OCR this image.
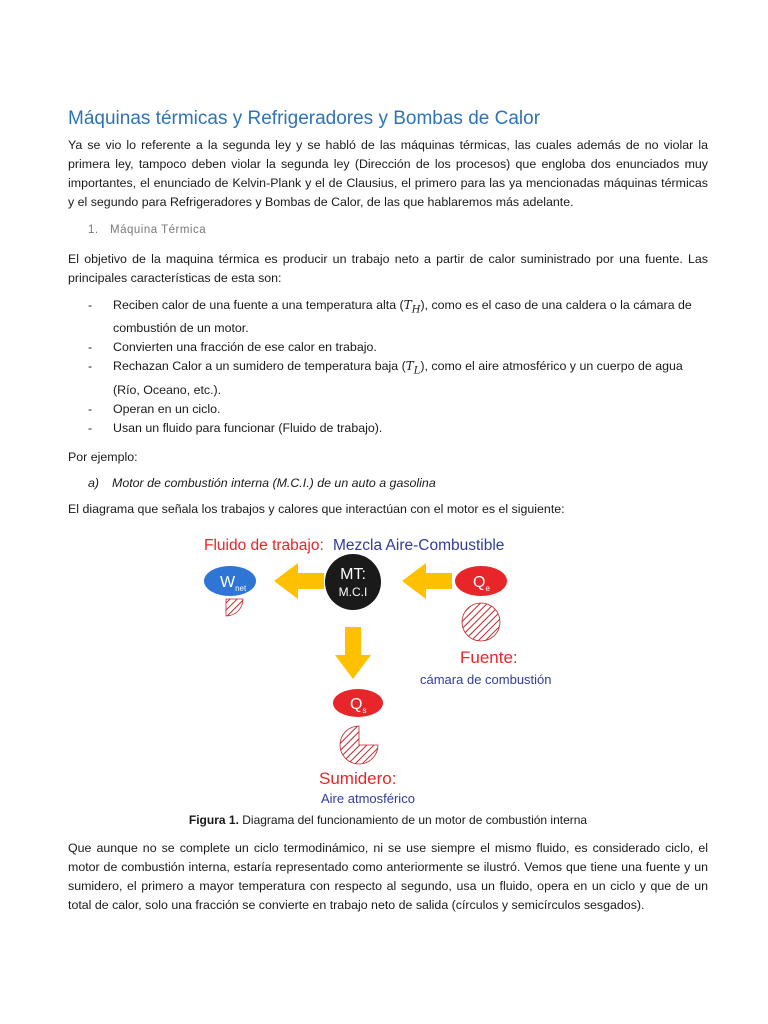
Máquinas térmicas y Refrigeradores y Bombas de Calor

Ya se vio lo referente a la segunda ley y se habló de las máquinas térmicas, las cuales además de no violar la primera ley, tampoco deben violar la segunda ley (Dirección de los procesos) que engloba dos enunciados muy importantes, el enunciado de Kelvin-Plank y el de Clausius, el primero para las ya mencionadas máquinas térmicas y el segundo para Refrigeradores y Bombas de Calor, de las que hablaremos más adelante.

1. Máquina Térmica

El objetivo de la maquina térmica es producir un trabajo neto a partir de calor suministrado por una fuente. Las principales características de esta son:

- Reciben calor de una fuente a una temperatura alta $(T_H)$, como es el caso de una caldera o la cámara de combustión de un motor.
- Convierten una fracción de ese calor en trabajo.
- Rechazan Calor a un sumidero de temperatura baja $(T_L)$, como el aire atmosférico y un cuerpo de agua (Río, Oceano, etc.).
- Operan en un ciclo.
- Usan un fluido para funcionar (Fluido de trabajo).

Por ejemplo:

a) Motor de combustión interna (M.C.I.) de un auto a gasolina

El diagrama que señala los trabajos y calores que interactúan con el motor es el siguiente:

Fluido de trabajo: Mezcla Aire-Combustible
MT:
M.C.I
$W_{net}$	$Q_e$
Fuente:
cámara de combustión
$Q_s$
Sumidero:
Aire atmosférico
Figura 1. Diagrama del funcionamiento de un motor de combustión interna

Que aunque no se complete un ciclo termodinámico, ni se use siempre el mismo fluido, es considerado ciclo, el motor de combustión interna, estaría representado como anteriormente se ilustró. Vemos que tiene una fuente y un sumidero, el primero a mayor temperatura con respecto al segundo, usa un fluido, opera en un ciclo y que de un total de calor, solo una fracción se convierte en trabajo neto de salida (círculos y semicírculos sesgados).
